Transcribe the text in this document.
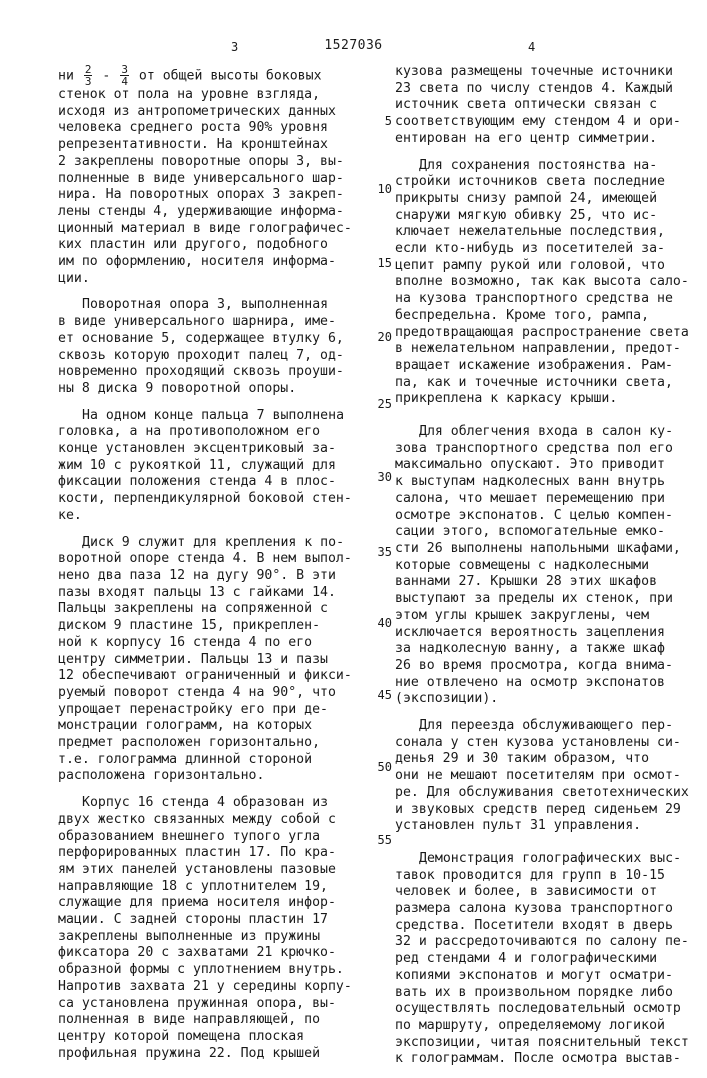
3	1527036	4

ни 2
3 - 3
4 от общей высоты боковых
стенок от пола на уровне взгляда,
исходя из антропометрических данных
человека среднего роста 90% уровня
репрезентативности. На кронштейнах
2 закреплены поворотные опоры 3, вы-
полненные в виде универсального шар-
нира. На поворотных опорах 3 закреп-
лены стенды 4, удерживающие информа-
ционный материал в виде голографичес-
ких пластин или другого, подобного
им по оформлению, носителя информа-
ции.

Поворотная опора 3, выполненная
в виде универсального шарнира, име-
ет основание 5, содержащее втулку 6,
сквозь которую проходит палец 7, од-
новременно проходящий сквозь проуши-
ны 8 диска 9 поворотной опоры.

На одном конце пальца 7 выполнена
головка, а на противоположном его
конце установлен эксцентриковый за-
жим 10 с рукояткой 11, служащий для
фиксации положения стенда 4 в плос-
кости, перпендикулярной боковой стен-
ке.

Диск 9 служит для крепления к по-
воротной опоре стенда 4. В нем выпол-
нено два паза 12 на дугу 90°. В эти
пазы входят пальцы 13 с гайками 14.
Пальцы закреплены на сопряженной с
диском 9 пластине 15, прикреплен-
ной к корпусу 16 стенда 4 по его
центру симметрии. Пальцы 13 и пазы
12 обеспечивают ограниченный и фикси-
руемый поворот стенда 4 на 90°, что
упрощает перенастройку его при де-
монстрации голограмм, на которых
предмет расположен горизонтально,
т.е. голограмма длинной стороной
расположена горизонтально.

Корпус 16 стенда 4 образован из
двух жестко связанных между собой с
образованием внешнего тупого угла
перфорированных пластин 17. По кра-
ям этих панелей установлены пазовые
направляющие 18 с уплотнителем 19,
служащие для приема носителя инфор-
мации. С задней стороны пластин 17
закреплены выполненные из пружины
фиксатора 20 с захватами 21 крючко-
образной формы с уплотнением внутрь.
Напротив захвата 21 у середины корпу-
са установлена пружинная опора, вы-
полненная в виде направляющей, по
центру которой помещена плоская
профильная пружина 22. Под крышей

5
10
15
20
25
30
35
40
45
50
55

кузова размещены точечные источники
23 света по числу стендов 4. Каждый
источник света оптически связан с
соответствующим ему стендом 4 и ори-
ентирован на его центр симметрии.

Для сохранения постоянства на-
стройки источников света последние
прикрыты снизу рампой 24, имеющей
снаружи мягкую обивку 25, что ис-
ключает нежелательные последствия,
если кто-нибудь из посетителей за-
цепит рампу рукой или головой, что
вполне возможно, так как высота сало-
на кузова транспортного средства не
беспредельна. Кроме того, рампа,
предотвращающая распространение света
в нежелательном направлении, предот-
вращает искажение изображения. Рам-
па, как и точечные источники света,
прикреплена к каркасу крыши.

Для облегчения входа в салон ку-
зова транспортного средства пол его
максимально опускают. Это приводит
к выступам надколесных ванн внутрь
салона, что мешает перемещению при
осмотре экспонатов. С целью компен-
сации этого, вспомогательные емко-
сти 26 выполнены напольными шкафами,
которые совмещены с надколесными
ваннами 27. Крышки 28 этих шкафов
выступают за пределы их стенок, при
этом углы крышек закруглены, чем
исключается вероятность зацепления
за надколесную ванну, а также шкаф
26 во время просмотра, когда внима-
ние отвлечено на осмотр экспонатов
(экспозиции).

Для переезда обслуживающего пер-
сонала у стен кузова установлены си-
денья 29 и 30 таким образом, что
они не мешают посетителям при осмот-
ре. Для обслуживания светотехнических
и звуковых средств перед сиденьем 29
установлен пульт 31 управления.

Демонстрация голографических выс-
тавок проводится для групп в 10-15
человек и более, в зависимости от
размера салона кузова транспортного
средства. Посетители входят в дверь
32 и рассредоточиваются по салону пе-
ред стендами 4 и голографическими
копиями экспонатов и могут осматри-
вать их в произвольном порядке либо
осуществлять последовательный осмотр
по маршруту, определяемому логикой
экспозиции, читая пояснительный текст
к голограммам. После осмотра выстав-
